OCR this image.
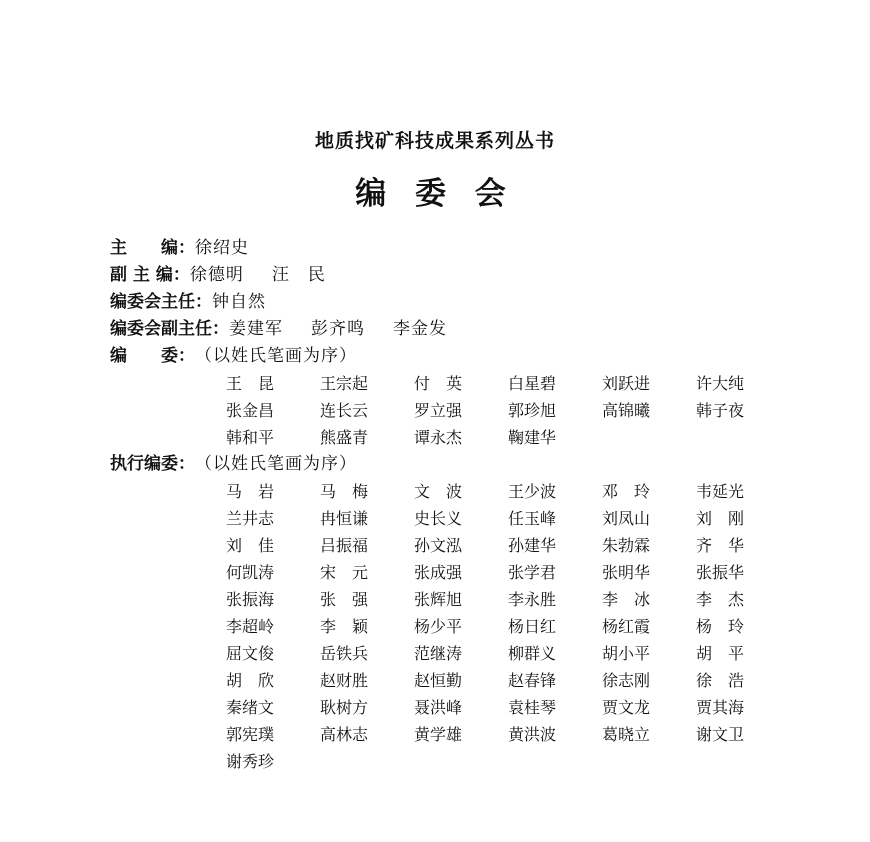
地质找矿科技成果系列丛书
编 委 会
主　　编： 徐绍史
副 主 编： 徐德明 汪　民
编委会主任： 钟自然
编委会副主任： 姜建军 彭齐鸣 李金发
编　　委： （以姓氏笔画为序）
王　昆	王宗起	付　英	白星碧	刘跃进	许大纯
张金昌	连长云	罗立强	郭珍旭	高锦曦	韩子夜
韩和平	熊盛青	谭永杰	鞠建华
执行编委： （以姓氏笔画为序）
马　岩	马　梅	文　波	王少波	邓　玲	韦延光
兰井志	冉恒谦	史长义	任玉峰	刘凤山	刘　刚
刘　佳	吕振福	孙文泓	孙建华	朱勃霖	齐　华
何凯涛	宋　元	张成强	张学君	张明华	张振华
张振海	张　强	张辉旭	李永胜	李　冰	李　杰
李超岭	李　颖	杨少平	杨日红	杨红霞	杨　玲
屈文俊	岳铁兵	范继涛	柳群义	胡小平	胡　平
胡　欣	赵财胜	赵恒勤	赵春锋	徐志刚	徐　浩
秦绪文	耿树方	聂洪峰	袁桂琴	贾文龙	贾其海
郭宪璞	高林志	黄学雄	黄洪波	葛晓立	谢文卫
谢秀珍
